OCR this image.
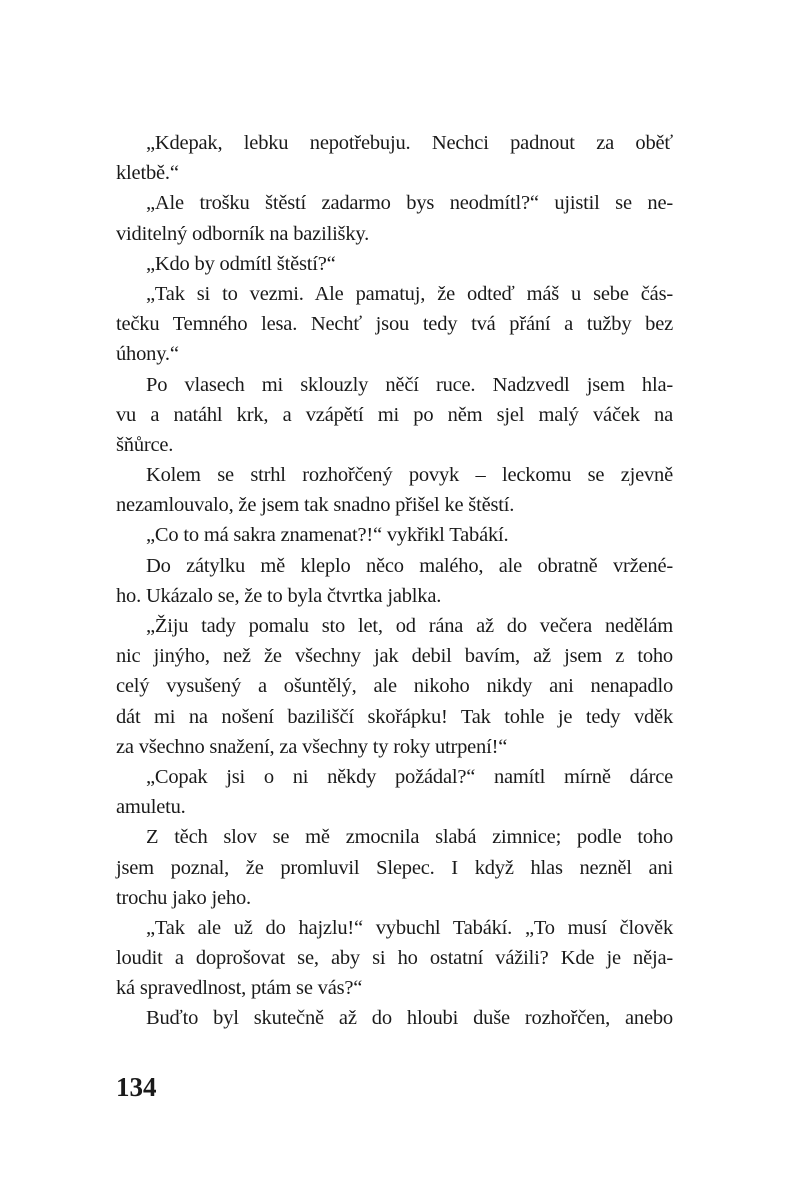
„Kdepak, lebku nepotřebuju. Nechci padnout za oběť
kletbě.“
„Ale trošku štěstí zadarmo bys neodmítl?“ ujistil se ne-
viditelný odborník na bazilišky.
„Kdo by odmítl štěstí?“
„Tak si to vezmi. Ale pamatuj, že odteď máš u sebe čás-
tečku Temného lesa. Nechť jsou tedy tvá přání a tužby bez
úhony.“
Po vlasech mi sklouzly něčí ruce. Nadzvedl jsem hla-
vu a natáhl krk, a vzápětí mi po něm sjel malý váček na
šňůrce.
Kolem se strhl rozhořčený povyk – leckomu se zjevně
nezamlouvalo, že jsem tak snadno přišel ke štěstí.
„Co to má sakra znamenat?!“ vykřikl Tabákí.
Do zátylku mě kleplo něco malého, ale obratně vržené-
ho. Ukázalo se, že to byla čtvrtka jablka.
„Žiju tady pomalu sto let, od rána až do večera nedělám
nic jinýho, než že všechny jak debil bavím, až jsem z toho
celý vysušený a ošuntělý, ale nikoho nikdy ani nenapadlo
dát mi na nošení baziliščí skořápku! Tak tohle je tedy vděk
za všechno snažení, za všechny ty roky utrpení!“
„Copak jsi o ni někdy požádal?“ namítl mírně dárce
amuletu.
Z těch slov se mě zmocnila slabá zimnice; podle toho
jsem poznal, že promluvil Slepec. I když hlas nezněl ani
trochu jako jeho.
„Tak ale už do hajzlu!“ vybuchl Tabákí. „To musí člověk
loudit a doprošovat se, aby si ho ostatní vážili? Kde je něja-
ká spravedlnost, ptám se vás?“
Buďto byl skutečně až do hloubi duše rozhořčen, anebo
134
